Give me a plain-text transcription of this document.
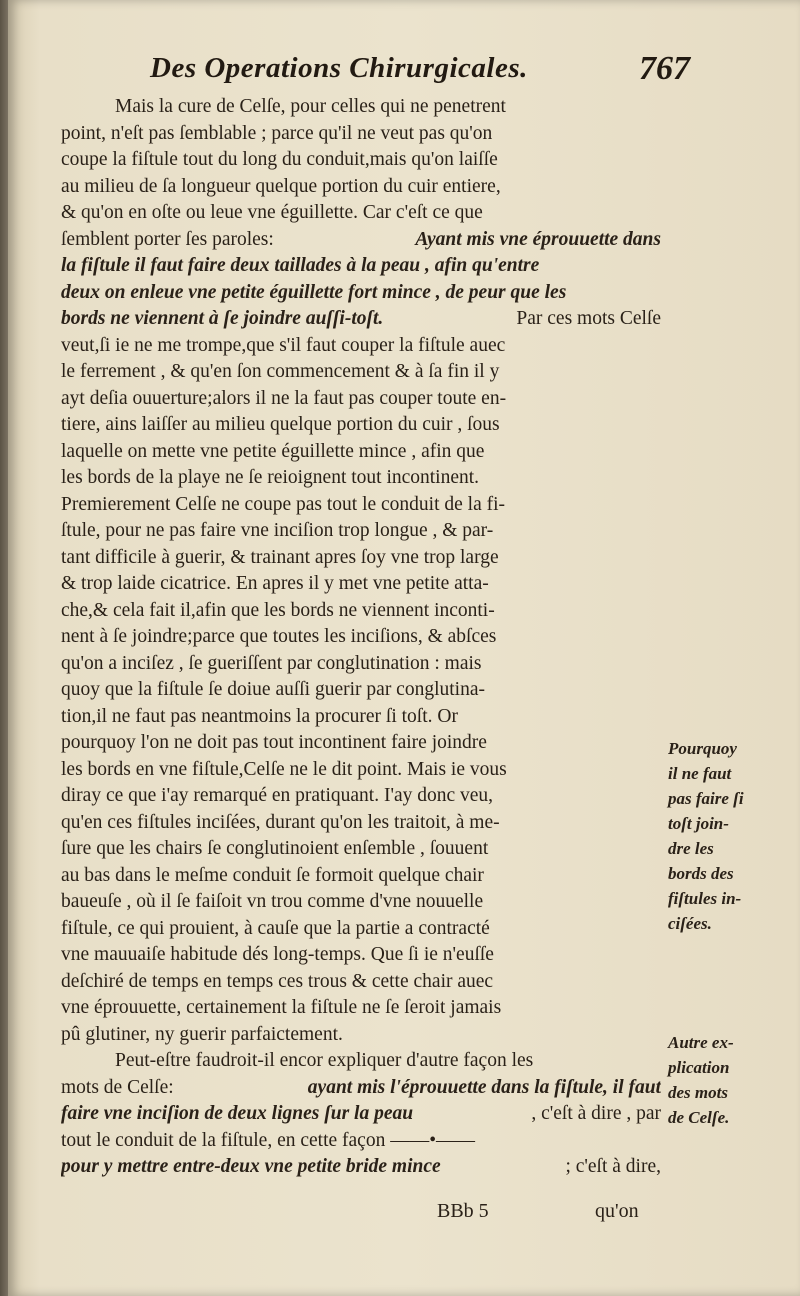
Des Operations Chirurgicales.	767
Mais la cure de Celſe, pour celles qui ne penetrent
point, n'eſt pas ſemblable ; parce qu'il ne veut pas qu'on
coupe la fiſtule tout du long du conduit,mais qu'on laiſſe
au milieu de ſa longueur quelque portion du cuir entiere,
& qu'on en oſte ou leue vne éguillette. Car c'eſt ce que
ſemblent porter ſes paroles:	Ayant mis vne éprouuette dans
la fiſtule il faut faire deux taillades à la peau , afin qu'entre
deux on enleue vne petite éguillette fort mince , de peur que les
bords ne viennent à ſe joindre auſſi-toſt.	Par ces mots Celſe
veut,ſi ie ne me trompe,que s'il faut couper la fiſtule auec
le ferrement , & qu'en ſon commencement & à ſa fin il y
ayt deſia ouuerture;alors il ne la faut pas couper toute en-
tiere, ains laiſſer au milieu quelque portion du cuir , ſous
laquelle on mette vne petite éguillette mince , afin que
les bords de la playe ne ſe reioignent tout incontinent.
Premierement Celſe ne coupe pas tout le conduit de la fi-
ſtule, pour ne pas faire vne inciſion trop longue , & par-
tant difficile à guerir, & trainant apres ſoy vne trop large
& trop laide cicatrice. En apres il y met vne petite atta-
che,& cela fait il,afin que les bords ne viennent inconti-
nent à ſe joindre;parce que toutes les inciſions, & abſces
qu'on a inciſez , ſe gueriſſent par conglutination : mais
quoy que la fiſtule ſe doiue auſſi guerir par conglutina-
tion,il ne faut pas neantmoins la procurer ſi toſt. Or
pourquoy l'on ne doit pas tout incontinent faire joindre
les bords en vne fiſtule,Celſe ne le dit point. Mais ie vous
diray ce que i'ay remarqué en pratiquant. I'ay donc veu,
qu'en ces fiſtules inciſées, durant qu'on les traitoit, à me-
ſure que les chairs ſe conglutinoient enſemble , ſouuent
au bas dans le meſme conduit ſe formoit quelque chair
baueuſe , où il ſe faiſoit vn trou comme d'vne nouuelle
fiſtule, ce qui prouient, à cauſe que la partie a contracté
vne mauuaiſe habitude dés long-temps. Que ſi ie n'euſſe
deſchiré de temps en temps ces trous & cette chair auec
vne éprouuette, certainement la fiſtule ne ſe ſeroit jamais
pû glutiner, ny guerir parfaictement.
Peut-eſtre faudroit-il encor expliquer d'autre façon les
mots de Celſe:	ayant mis l'éprouuette dans la fiſtule, il faut
faire vne inciſion de deux lignes ſur la peau	, c'eſt à dire , par
tout le conduit de la fiſtule, en cette façon ——•——
pour y mettre entre-deux vne petite bride mince	; c'eſt à dire,
Pourquoy
il ne faut
pas faire ſi
toſt join-
dre les
bords des
fiſtules in-
ciſées.
Autre ex-
plication
des mots
de Celſe.
BBb 5	qu'on
